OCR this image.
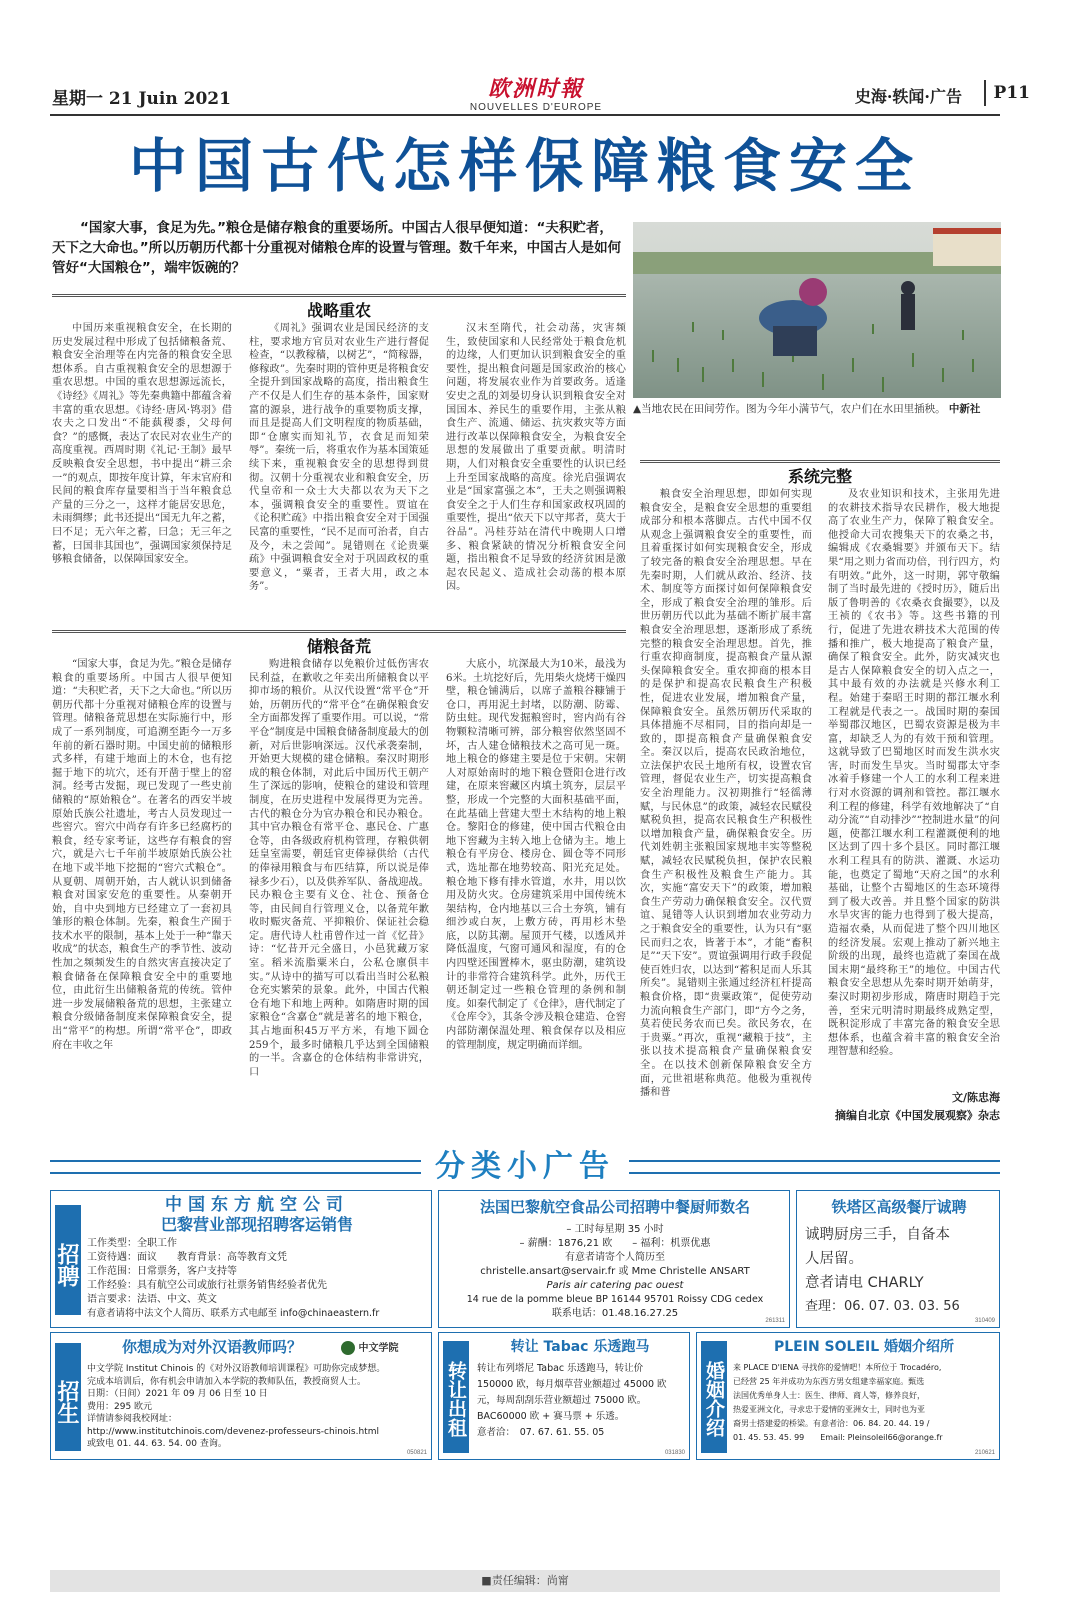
星期一 21 Juin 2021	欧洲时報
NOUVELLES D'EUROPE
史海·轶闻·广告	P11
中国古代怎样保障粮食安全
“国家大事，食足为先。”粮仓是储存粮食的重要场所。中国古人很早便知道：“夫积贮者，天下之大命也。”所以历朝历代都十分重视对储粮仓库的设置与管理。数千年来，中国古人是如何管好“大国粮仓”，端牢饭碗的？
▲当地农民在田间劳作。图为今年小满节气，农户们在水田里插秧。 中新社
战略重农

中国历来重视粮食安全，在长期的历史发展过程中形成了包括储粮备荒、粮食安全治理等在内完备的粮食安全思想体系。自古重视粮食安全的思想源于重农思想。中国的重农思想源远流长，《诗经》《周礼》等先秦典籍中都蕴含着丰富的重农思想。《诗经·唐风·鸨羽》借农夫之口发出“不能蓺稷黍，父母何食？”的感慨，表达了农民对农业生产的高度重视。西周时期《礼记·王制》最早反映粮食安全思想，书中提出“耕三余一”的观点，即按年度计算，年末官府和民间的粮食库存量要相当于当年粮食总产量的三分之一，这样才能居安思危，未雨绸缪；此书还提出“国无九年之蓄，曰不足；无六年之蓄，曰急；无三年之蓄，曰国非其国也”，强调国家须保持足够粮食储备，以保障国家安全。

《周礼》强调农业是国民经济的支柱，要求地方官员对农业生产进行督促检查，“以教稼穑，以树艺”，“简稼器，修稼政”。先秦时期的管仲更是将粮食安全提升到国家战略的高度，指出粮食生产不仅是人们生存的基本条件，国家财富的源泉，进行战争的重要物质支撑，而且是提高人们文明程度的物质基础，即“仓廪实而知礼节，衣食足而知荣辱”。秦统一后，将重农作为基本国策延续下来，重视粮食安全的思想得到贯彻。汉朝十分重视农业和粮食安全，历代皇帝和一众士大夫都以农为天下之本，强调粮食安全的重要性。贾谊在《论积贮疏》中指出粮食安全对于国强民富的重要性，“民不足而可治者，自古及今，未之尝闻”。晁错则在《论贵粟疏》中强调粮食安全对于巩固政权的重要意义，“粟者，王者大用，政之本务”。

汉末至隋代，社会动荡，灾害频生，致使国家和人民经常处于粮食危机的边缘，人们更加认识到粮食安全的重要性，提出粮食问题是国家政治的核心问题，将发展农业作为首要政务。适逢安史之乱的刘晏切身认识到粮食安全对国国本、养民生的重要作用，主张从粮食生产、流通、储运、抗灾救灾等方面进行改革以保障粮食安全，为粮食安全思想的发展做出了重要贡献。明清时期，人们对粮食安全重要性的认识已经上升至国家战略的高度。徐光启强调农业是“国家富强之本”，王夫之则强调粮食安全之于人们生存和国家政权巩固的重要性，提出“依天下以守邦者，莫大于谷品”。冯桂芬站在清代中晚期人口增多、粮食紧缺的情况分析粮食安全问题，指出粮食不足导致的经济贫困是激起农民起义、造成社会动荡的根本原因。

储粮备荒

“国家大事，食足为先。”粮仓是储存粮食的重要场所。中国古人很早便知道：“夫积贮者，天下之大命也。”所以历朝历代都十分重视对储粮仓库的设置与管理。储粮备荒思想在实际施行中，形成了一系列制度，可追溯至距今一万多年前的新石器时期。中国史前的储粮形式多样，有建于地面上的木仓，也有挖掘于地下的坑穴，还有开凿于壁上的窑洞。经考古发掘，现已发现了一些史前储粮的“原始粮仓”。在著名的西安半坡原始氏族公社遗址，考古人员发现过一些窖穴。窖穴中尚存有许多已经腐朽的粮食，经专家考证，这些存有粮食的窖穴，就是六七千年前半坡原始氏族公社在地下或半地下挖掘的“窖穴式粮仓”。从夏朝、周朝开始，古人就认识到储备粮食对国家安危的重要性。从秦朝开始，自中央到地方已经建立了一套初具雏形的粮仓体制。先秦，粮食生产囿于技术水平的限制，基本上处于一种“靠天收成”的状态，粮食生产的季节性、波动性加之频频发生的自然灾害直接决定了粮食储备在保障粮食安全中的重要地位，由此衍生出储粮备荒的传统。管仲进一步发展储粮备荒的思想，主张建立粮食分级储备制度来保障粮食安全，提出“常平”的构想。所谓“常平仓”，即政府在丰收之年

购进粮食储存以免粮价过低伤害农民利益，在歉收之年卖出所储粮食以平抑市场的粮价。从汉代设置“常平仓”开始，历朝历代的“常平仓”在确保粮食安全方面都发挥了重要作用。可以说，“常平仓”制度是中国粮食储备制度最大的创新，对后世影响深远。汉代承袭秦制，开始更大规模的建仓储粮。秦汉时期形成的粮仓体制，对此后中国历代王朝产生了深远的影响，使粮仓的建设和管理制度，在历史进程中发展得更为完善。古代的粮仓分为官办粮仓和民办粮仓。其中官办粮仓有常平仓、惠民仓、广惠仓等，由各级政府机构管理，存粮供朝廷皇室需要，朝廷官吏俸禄供给（古代的俸禄用粮食与布匹结算，所以说是俸禄多少石），以及供养军队、备战迎战。民办粮仓主要有义仓、社仓、预备仓等，由民间自行管理义仓，以备荒年歉收时赈灾备荒、平抑粮价、保证社会稳定。唐代诗人杜甫曾作过一首《忆昔》诗：“忆昔开元全盛日，小邑犹藏万家室。稻米流脂粟米白，公私仓廪俱丰实。”从诗中的描写可以看出当时公私粮仓充实繁荣的景象。此外，中国古代粮仓有地下和地上两种。如隋唐时期的国家粮仓“含嘉仓”就是著名的地下粮仓，其占地面积45万平方米，有地下圆仓259个，最多时储粮几乎达到全国储粮的一半。含嘉仓的仓体结构非常讲究，口

大底小，坑深最大为10米，最浅为6米。土坑挖好后，先用柴火烧烤干燥四壁，粮仓铺满后，以席子盖粮谷糠铺于仓口，再用泥土封堵，以防潮、防霉、防虫蛀。现代发掘粮窖时，窖内尚有谷物颗粒清晰可辨，部分粮窖依然坚固不坏，古人建仓储粮技术之高可见一斑。地上粮仓的修建主要是位于宋朝。宋朝人对原始南时的地下粮仓暨阳仓进行改建，在原来窖藏区内填土筑夯，层层平整，形成一个完整的大面积基础平面，在此基础上营建大型土木结构的地上粮仓。黎阳仓的修建，使中国古代粮仓由地下窖藏为主转入地上仓储为主。地上粮仓有平房仓、楼房仓、圆仓等不同形式，选址都在地势较高、阳光充足处。粮仓地下修有排水管道，水井，用以饮用及防火灾。仓房建筑采用中国传统木架结构，仓内地基以三合土夯筑，铺有细沙或白灰，上敷方砖，再用杉木垫底，以防其潮。屋顶开气楼，以透风并降低温度，气窗可通风和湿度，有的仓内四壁还围置棒木，驱虫防潮，建筑设计的非常符合建筑科学。此外，历代王朝还制定过一些粮仓管理的条例和制度。如秦代制定了《仓律》，唐代制定了《仓库令》，其条令涉及粮仓建造、仓窖内部防潮保温处理、粮食保存以及相应的管理制度，规定明确而详细。

系统完整

粮食安全治理思想，即如何实现粮食安全，是粮食安全思想的重要组成部分和根本落脚点。古代中国不仅从观念上强调粮食安全的重要性，而且着重探讨如何实现粮食安全，形成了较完备的粮食安全治理思想。早在先秦时期，人们就从政治、经济、技术、制度等方面探讨如何保障粮食安全，形成了粮食安全治理的雏形。后世历朝历代以此为基础不断扩展丰富粮食安全治理思想，逐渐形成了系统完整的粮食安全治理思想。首先，推行重农抑商制度，提高粮食产量从源头保障粮食安全。重农抑商的根本目的是保护和提高农民粮食生产积极性，促进农业发展，增加粮食产量，保障粮食安全。虽然历朝历代采取的具体措施不尽相同，目的指向却是一致的，即提高粮食产量确保粮食安全。秦汉以后，提高农民政治地位，立法保护农民土地所有权，设置农官管理，督促农业生产，切实提高粮食安全治理能力。汉初期推行“轻徭薄赋，与民休息”的政策，减轻农民赋役赋税负担，提高农民粮食生产积极性以增加粮食产量，确保粮食安全。历代刘姓朝主张粮国家规地丰实等整税赋，减轻农民赋税负担，保护农民粮食生产积极性及粮食生产能力。其次，实施“富安天下”的政策，增加粮食生产劳动力确保粮食安全。汉代贾谊、晁错等人认识到增加农业劳动力之于粮食安全的重要性，认为只有“驱民而归之农，皆著于本”，才能“畜积足”“天下安”。贾谊强调用行政手段促使百姓归农，以达到“蓄积足而人乐其所矣”。晁错则主张通过经济杠杆提高粮食价格，即“贵粟政策”，促使劳动力流向粮食生产部门，即“方今之务，莫若使民务农而已矣。欲民务农，在于贵粟。”再次，重视“藏粮于技”，主张以技术提高粮食产量确保粮食安全。在以技术创新保障粮食安全方面，元世祖堪称典范。他极为重视传播和普

及农业知识和技术，主张用先进的农耕技术指导农民耕作，极大地提高了农业生产力，保障了粮食安全。他授命大司农搜集天下的农桑之书，编辑成《农桑辑要》并颁布天下。结果“用之则力省而功倍，刊行四方，灼有明效。”此外，这一时期，郭守敬编制了当时最先进的《授时历》，随后出版了鲁明善的《农桑衣食撮要》，以及王祯的《农书》等。这些书籍的刊行，促进了先进农耕技术大范围的传播和推广，极大地提高了粮食产量，确保了粮食安全。此外，防灾减灾也是古人保障粮食安全的切入点之一，其中最有效的办法就是兴修水利工程。始建于秦昭王时期的都江堰水利工程就是代表之一。战国时期的秦国举蜀郡汉地区，巴蜀农资源是极为丰富，却缺乏人为的有效干预和管理。这就导致了巴蜀地区时而发生洪水灾害，时而发生旱灾。当时蜀郡太守李冰着手修建一个人工的水利工程来进行对水资源的调剂和管控。都江堰水利工程的修建，科学有效地解决了“自动分流”“自动排沙”“控制进水量”的问题，使都江堰水利工程灌溉便利的地区达到了四十多个县区。同时都江堰水利工程具有的防洪、灌溉、水运功能，也奠定了蜀地“天府之国”的水利基础，让整个古蜀地区的生态环境得到了极大改善。并且整个国家的防洪水旱灾害的能力也得到了极大提高，造福农桑，从而促进了整个四川地区的经济发展。宏观上推动了新兴地主阶级的出现，最终也造就了秦国在战国末期“最终称王”的地位。中国古代粮食安全思想从先秦时期开始萌芽，秦汉时期初步形成，隋唐时期趋于完善，至宋元明清时期最终成熟定型，既积淀形成了丰富完备的粮食安全思想体系，也蕴含着丰富的粮食安全治理智慧和经验。

文/陈忠海
摘编自北京《中国发展观察》杂志
分类小广告
招聘
中国东方航空公司
巴黎营业部现招聘客运销售
工作类型：全职工作
工资待遇：面议　　教育背景：高等教育文凭
工作范围：日常票务，客户支持等
工作经验：具有航空公司或旅行社票务销售经验者优先
语言要求：法语、中文、英文
有意者请将中法文个人简历、联系方式电邮至 info@chinaeastern.fr
法国巴黎航空食品公司招聘中餐厨师数名
– 工时每星期 35 小时
– 薪酬：1876,21 欧　　– 福利：机票优惠
有意者请寄个人简历至
christelle.ansart@servair.fr 或 Mme Christelle ANSART
Paris air catering pac ouest
14 rue de la pomme bleue BP 16144 95701 Roissy CDG cedex
联系电话：01.48.16.27.25
261311
铁塔区高级餐厅诚聘
诚聘厨房三手，自备本
人居留。
意者请电 CHARLY
查理：06. 07. 03. 03. 56
310409
招生
你想成为对外汉语教师吗？	中文学院
中文学院 Institut Chinois 的《对外汉语教师培训课程》可助你完成梦想。
完成本培训后，你有机会申请加入本学院的教师队伍，教授商贸人士。
日期：（日间）2021 年 09 月 06 日至 10 日
费用：295 欧元
详情请参阅我校网址：
http://www.institutchinois.com/devenez-professeurs-chinois.html
或致电 01. 44. 63. 54. 00 查询。
050821
转让出租
转让 Tabac 乐透跑马
转让布列塔尼 Tabac 乐透跑马，转让价
150000 欧，每月烟草营业额超过 45000 欧
元，每周刮刮乐营业额超过 75000 欧。
BAC60000 欧 + 赛马票 + 乐透。
意者洽：　07. 67. 61. 55. 05
031830
婚姻介绍
PLEIN SOLEIL 婚姻介绍所
来 PLACE D'IENA 寻找你的爱情吧！本所位于 Trocadéro,
已经营 25 年并成功为东西方男女组建幸福家庭。甄选
法国优秀单身人士：医生、律师、商人等，修养良好，
热爱亚洲文化，寻求忠于爱情的亚洲女士，同时也为亚
裔男士搭建爱的桥梁。有意者洽：06. 84. 20. 44. 19 /
01. 45. 53. 45. 99　　Email: Pleinsoleil66@orange.fr
210621
■责任编辑：尚甯
